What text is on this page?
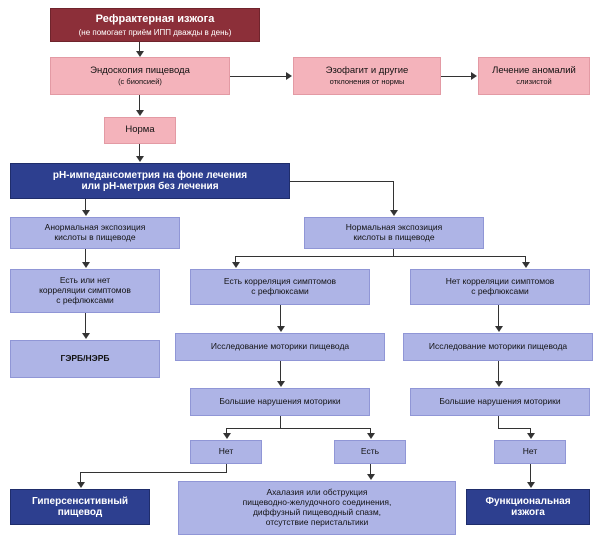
Рефрактерная изжога
(не помогает приём ИПП дважды в день)
Эндоскопия пищевода
(с биопсией)
Эзофагит и другие
отклонения от нормы
Лечение аномалий
слизистой
Норма
pH-импедансометрия на фоне лечения
или pH-метрия без лечения
Анормальная экспозиция
кислоты в пищеводе
Нормальная экспозиция
кислоты в пищеводе
Есть или нет
корреляции симптомов
с рефлюксами
ГЭРБ/НЭРБ
Есть корреляция симптомов
с рефлюксами
Нет корреляции симптомов
с рефлюксами
Исследование моторики пищевода	Исследование моторики пищевода
Большие нарушения моторики	Большие нарушения моторики
Нет	Есть	Нет
Гиперсенситивный
пищевод
Ахалазия или обструкция
пищеводно-желудочного соединения,
диффузный пищеводный спазм,
отсутствие перистальтики
Функциональная
изжога
